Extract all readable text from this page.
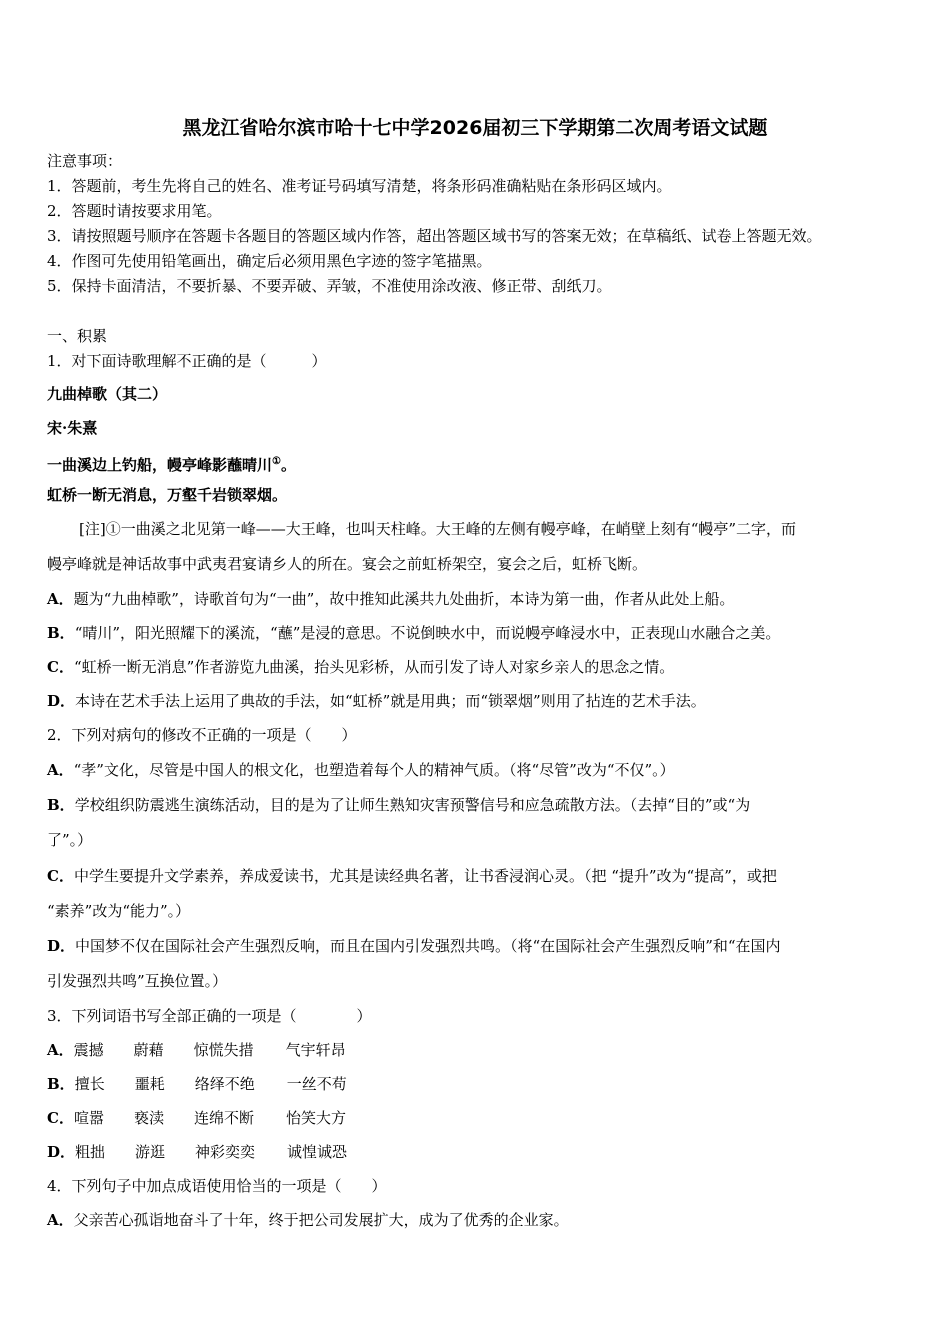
黑龙江省哈尔滨市哈十七中学2026届初三下学期第二次周考语文试题
注意事项：
1．答题前，考生先将自己的姓名、准考证号码填写清楚，将条形码准确粘贴在条形码区域内。
2．答题时请按要求用笔。
3．请按照题号顺序在答题卡各题目的答题区域内作答，超出答题区域书写的答案无效；在草稿纸、试卷上答题无效。
4．作图可先使用铅笔画出，确定后必须用黑色字迹的签字笔描黑。
5．保持卡面清洁，不要折暴、不要弄破、弄皱，不准使用涂改液、修正带、刮纸刀。
一、积累
1．对下面诗歌理解不正确的是（　　　）
九曲棹歌（其二）
宋·朱熹
一曲溪边上钓船，幔亭峰影蘸晴川①。
虹桥一断无消息，万壑千岩锁翠烟。
[注]①一曲溪之北见第一峰——大王峰，也叫天柱峰。大王峰的左侧有幔亭峰，在峭壁上刻有“幔亭”二字，而
幔亭峰就是神话故事中武夷君宴请乡人的所在。宴会之前虹桥架空，宴会之后，虹桥飞断。
A．题为“九曲棹歌”，诗歌首句为“一曲”，故中推知此溪共九处曲折，本诗为第一曲，作者从此处上船。
B．“晴川”，阳光照耀下的溪流，“蘸”是浸的意思。不说倒映水中，而说幔亭峰浸水中，正表现山水融合之美。
C．“虹桥一断无消息”作者游览九曲溪，抬头见彩桥，从而引发了诗人对家乡亲人的思念之情。
D．本诗在艺术手法上运用了典故的手法，如“虹桥”就是用典；而“锁翠烟”则用了拈连的艺术手法。
2．下列对病句的修改不正确的一项是（　　）
A．“孝”文化，尽管是中国人的根文化，也塑造着每个人的精神气质。（将“尽管”改为“不仅”。）
B．学校组织防震逃生演练活动，目的是为了让师生熟知灾害预警信号和应急疏散方法。（去掉“目的”或“为
了”。）
C．中学生要提升文学素养，养成爱读书，尤其是读经典名著，让书香浸润心灵。（把 “提升”改为“提高”，或把
“素养”改为“能力”。）
D．中国梦不仅在国际社会产生强烈反响，而且在国内引发强烈共鸣。（将“在国际社会产生强烈反响”和“在国内
引发强烈共鸣”互换位置。）
3．下列词语书写全部正确的一项是（　　　　）
A．震撼 蔚藉 惊慌失措 气宇轩昂
B．擅长 噩耗 络绎不绝 一丝不苟
C．喧嚣 亵渎 连绵不断 怡笑大方
D．粗拙 游逛 神彩奕奕 诚惶诚恐
4．下列句子中加点成语使用恰当的一项是（　　）
A．父亲苦心孤诣地奋斗了十年，终于把公司发展扩大，成为了优秀的企业家。
